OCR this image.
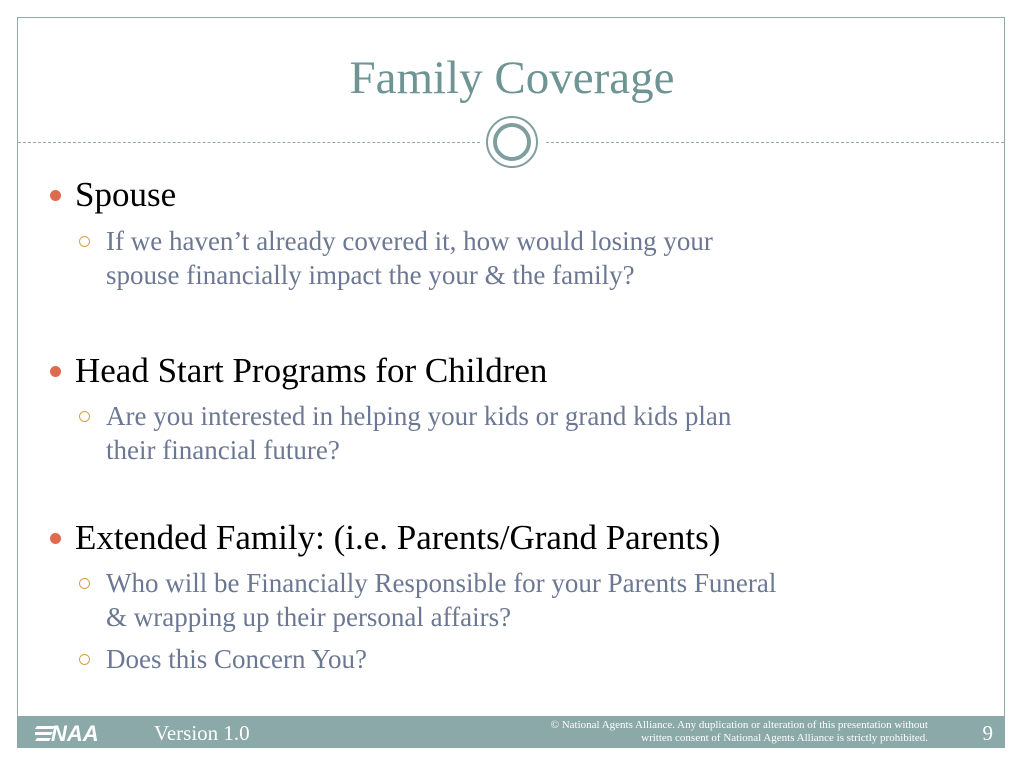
Family Coverage
Spouse
If we haven’t already covered it, how would losing your
spouse financially impact the your & the family?
Head Start Programs for Children
Are you interested in helping your kids or grand kids plan
their financial future?
Extended Family: (i.e. Parents/Grand Parents)
Who will be Financially Responsible for your Parents Funeral
& wrapping up their personal affairs?
Does this Concern You?
NAA	Version 1.0	© National Agents Alliance. Any duplication or alteration of this presentation without
written consent of National Agents Alliance is strictly prohibited.	9
